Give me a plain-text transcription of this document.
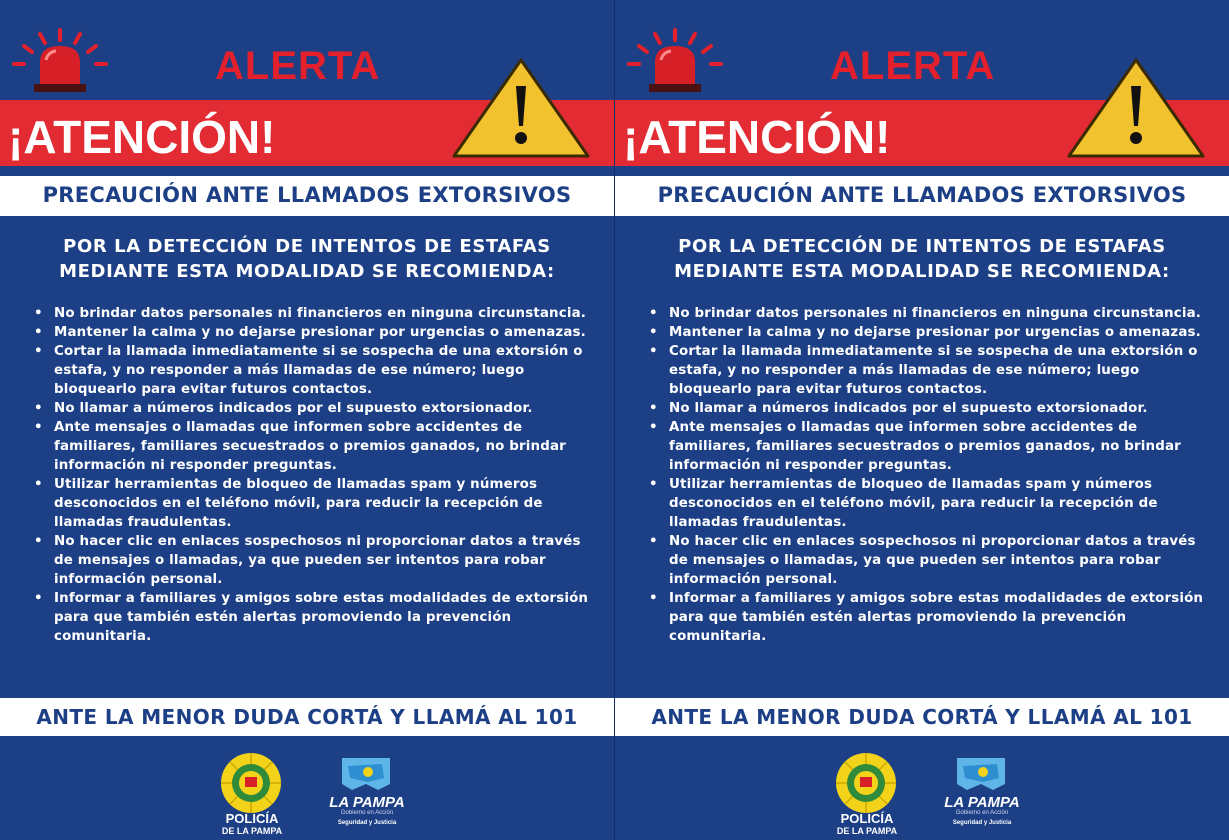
ALERTA
¡ATENCIÓN!
PRECAUCIÓN ANTE LLAMADOS EXTORSIVOS
POR LA DETECCIÓN DE INTENTOS DE ESTAFAS
MEDIANTE ESTA MODALIDAD SE RECOMIENDA:
• No brindar datos personales ni financieros en ninguna circunstancia.
• Mantener la calma y no dejarse presionar por urgencias o amenazas.
• Cortar la llamada inmediatamente si se sospecha de una extorsión o estafa, y no responder a más llamadas de ese número; luego bloquearlo para evitar futuros contactos.
• No llamar a números indicados por el supuesto extorsionador.
• Ante mensajes o llamadas que informen sobre accidentes de familiares, familiares secuestrados o premios ganados, no brindar información ni responder preguntas.
• Utilizar herramientas de bloqueo de llamadas spam y números desconocidos en el teléfono móvil, para reducir la recepción de llamadas fraudulentas.
• No hacer clic en enlaces sospechosos ni proporcionar datos a través de mensajes o llamadas, ya que pueden ser intentos para robar información personal.
• Informar a familiares y amigos sobre estas modalidades de extorsión para que también estén alertas promoviendo la prevención comunitaria.
ANTE LA MENOR DUDA CORTÁ Y LLAMÁ AL 101
POLICÍA
DE LA PAMPA
LA PAMPA
Gobierno en Acción
Seguridad y Justicia
ALERTA
¡ATENCIÓN!
PRECAUCIÓN ANTE LLAMADOS EXTORSIVOS
POR LA DETECCIÓN DE INTENTOS DE ESTAFAS
MEDIANTE ESTA MODALIDAD SE RECOMIENDA:
• No brindar datos personales ni financieros en ninguna circunstancia.
• Mantener la calma y no dejarse presionar por urgencias o amenazas.
• Cortar la llamada inmediatamente si se sospecha de una extorsión o estafa, y no responder a más llamadas de ese número; luego bloquearlo para evitar futuros contactos.
• No llamar a números indicados por el supuesto extorsionador.
• Ante mensajes o llamadas que informen sobre accidentes de familiares, familiares secuestrados o premios ganados, no brindar información ni responder preguntas.
• Utilizar herramientas de bloqueo de llamadas spam y números desconocidos en el teléfono móvil, para reducir la recepción de llamadas fraudulentas.
• No hacer clic en enlaces sospechosos ni proporcionar datos a través de mensajes o llamadas, ya que pueden ser intentos para robar información personal.
• Informar a familiares y amigos sobre estas modalidades de extorsión para que también estén alertas promoviendo la prevención comunitaria.
ANTE LA MENOR DUDA CORTÁ Y LLAMÁ AL 101
POLICÍA
DE LA PAMPA
LA PAMPA
Gobierno en Acción
Seguridad y Justicia
